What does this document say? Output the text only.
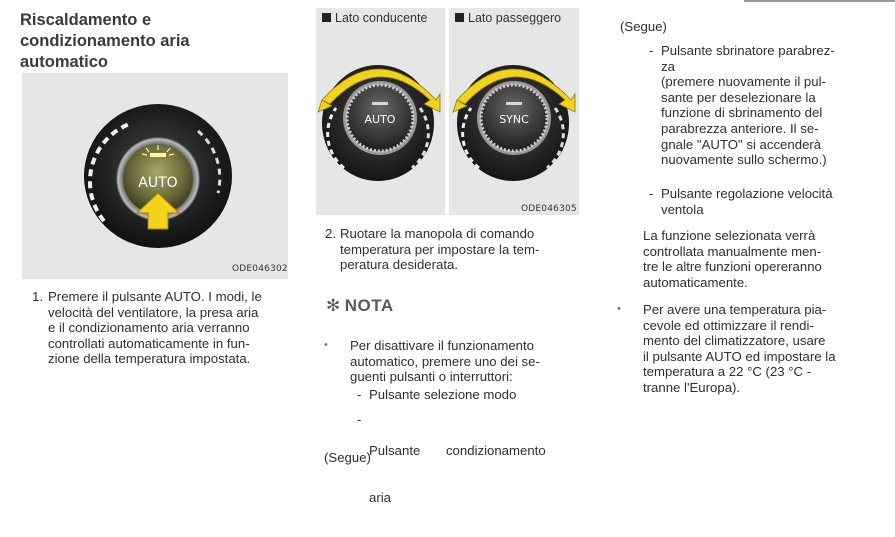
Riscaldamento e
condizionamento aria
automatico
AUTO
ODE046302
1. Premere il pulsante AUTO. I modi, le
velocità del ventilatore, la presa aria
e il condizionamento aria verranno
controllati automaticamente in fun-
zione della temperatura impostata.
AUTO
Lato conducente
SYNC
Lato passeggero
ODE046305
2. Ruotare la manopola di comando
temperatura per impostare la tem-
peratura desiderata.
✻ NOTA
• Per disattivare il funzionamento
automatico, premere uno dei se-
guenti pulsanti o interruttori:
- Pulsante selezione modo
-

Pulsante       condizionamento

aria

(Segue)
(Segue)
- Pulsante sbrinatore parabrez-
za
(premere nuovamente il pul-
sante per deselezionare la
funzione di sbrinamento del
parabrezza anteriore. Il se-
gnale "AUTO" si accenderà
nuovamente sullo schermo.)
- Pulsante regolazione velocità
ventola
La funzione selezionata verrà
controllata manualmente men-
tre le altre funzioni opereranno
automaticamente.
• Per avere una temperatura pia-
cevole ed ottimizzare il rendi-
mento del climatizzatore, usare
il pulsante AUTO ed impostare la
temperatura a 22 °C (23 °C -
tranne l'Europa).
